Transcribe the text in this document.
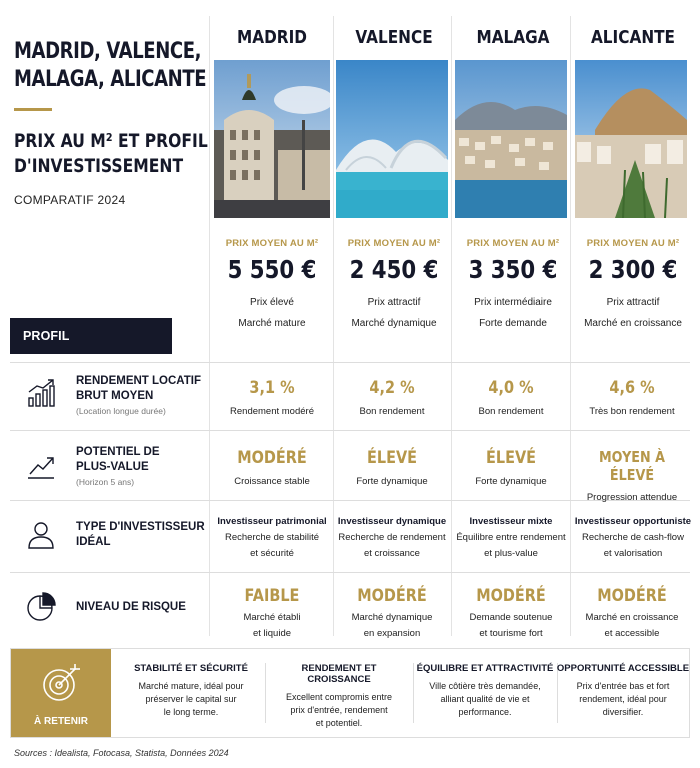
MADRID, VALENCE,
MALAGA, ALICANTE
PRIX AU M² ET PROFIL
D'INVESTISSEMENT
COMPARATIF 2024
MADRID
PRIX MOYEN AU M²
5 550 €
Prix élevé
Marché mature
VALENCE
PRIX MOYEN AU M²
2 450 €
Prix attractif
Marché dynamique
MALAGA
PRIX MOYEN AU M²
3 350 €
Prix intermédiaire
Forte demande
ALICANTE
PRIX MOYEN AU M²
2 300 €
Prix attractif
Marché en croissance
PROFIL D'INVESTISSEMENT
RENDEMENT LOCATIF
BRUT MOYEN
(Location longue durée)
3,1 %
Rendement modéré
4,2 %
Bon rendement
4,0 %
Bon rendement
4,6 %
Très bon rendement
POTENTIEL DE
PLUS-VALUE
(Horizon 5 ans)
MODÉRÉ
Croissance stable
ÉLEVÉ
Forte dynamique
ÉLEVÉ
Forte dynamique
MOYEN À ÉLEVÉ
Progression attendue
TYPE D'INVESTISSEUR
IDÉAL
Investisseur patrimonial
Recherche de stabilité
et sécurité
Investisseur dynamique
Recherche de rendement
et croissance
Investisseur mixte
Équilibre entre rendement
et plus-value
Investisseur opportuniste
Recherche de cash-flow
et valorisation
NIVEAU DE RISQUE
FAIBLE
Marché établi
et liquide
MODÉRÉ
Marché dynamique
en expansion
MODÉRÉ
Demande soutenue
et tourisme fort
MODÉRÉ
Marché en croissance
et accessible
À RETENIR
STABILITÉ ET SÉCURITÉ
Marché mature, idéal pour
préserver le capital sur
le long terme.
RENDEMENT ET CROISSANCE
Excellent compromis entre
prix d'entrée, rendement
et potentiel.
ÉQUILIBRE ET ATTRACTIVITÉ
Ville côtière très demandée,
alliant qualité de vie et
performance.
OPPORTUNITÉ ACCESSIBLE
Prix d'entrée bas et fort
rendement, idéal pour
diversifier.
Sources : Idealista, Fotocasa, Statista, Données 2024
